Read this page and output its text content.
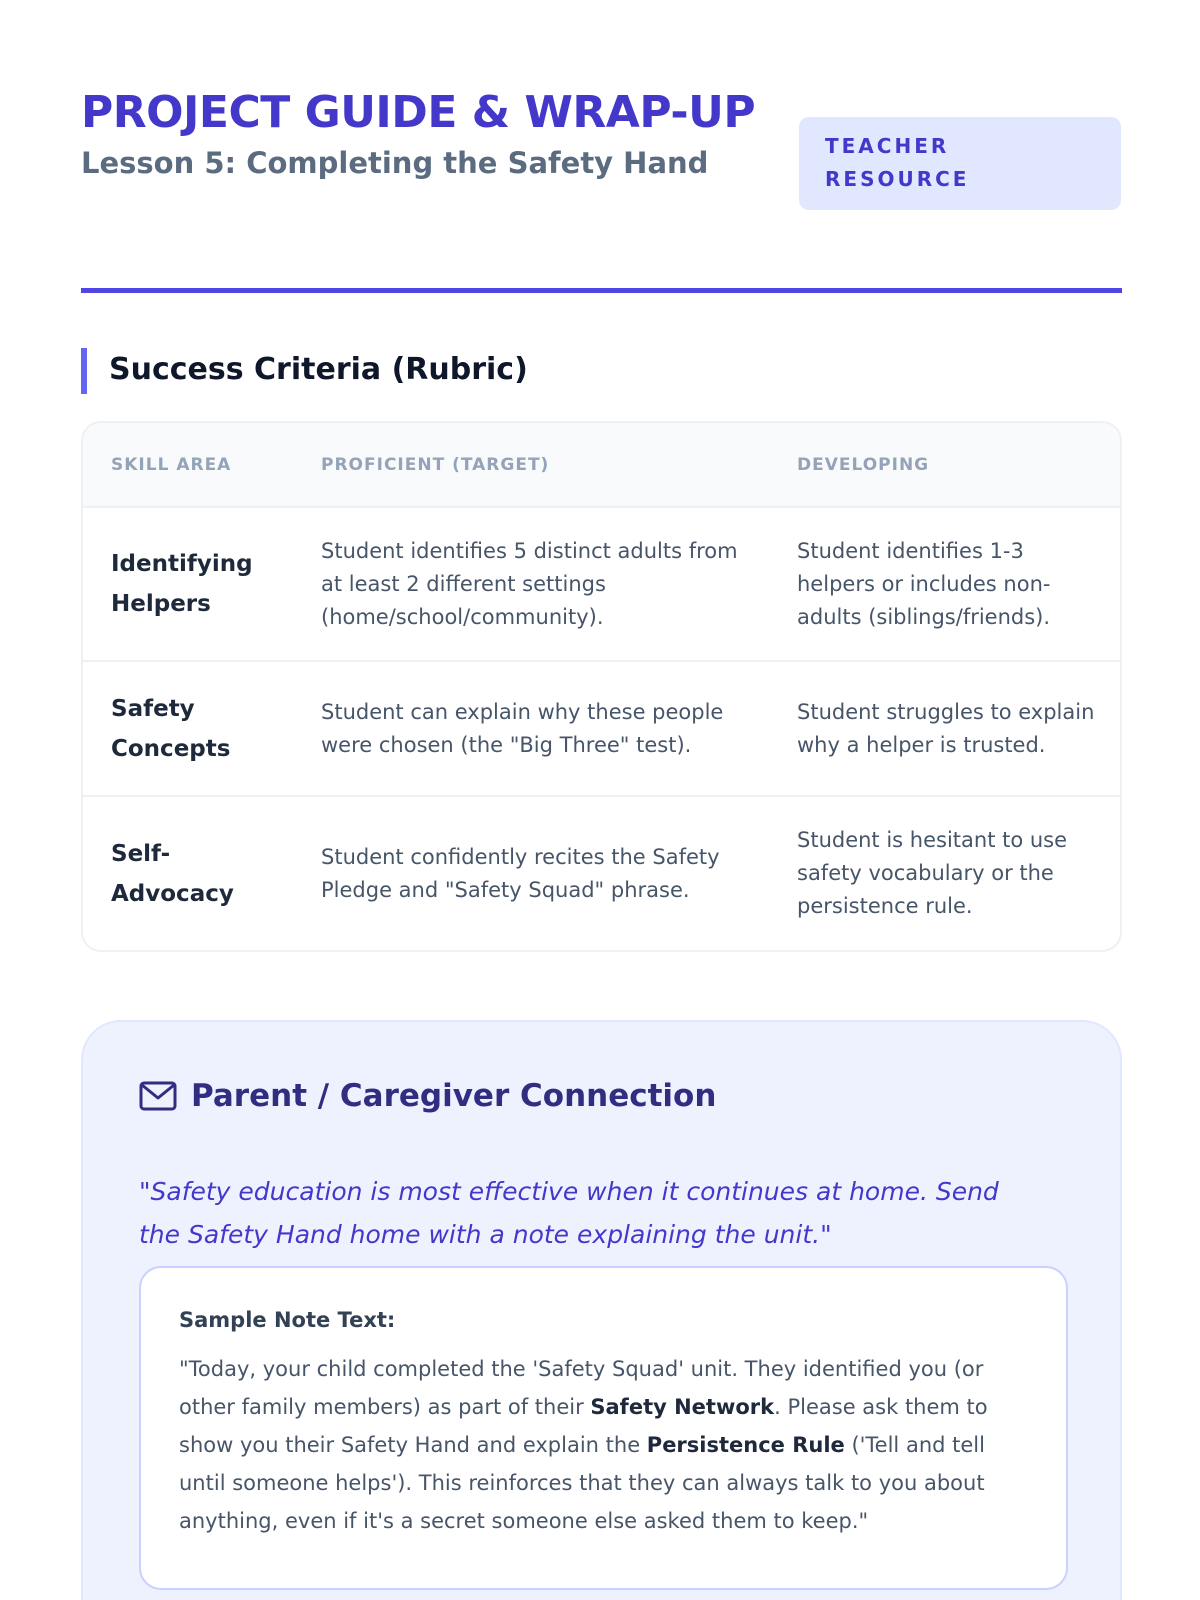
PROJECT GUIDE & WRAP-UP
Lesson 5: Completing the Safety Hand	TEACHER RESOURCE
Success Criteria (Rubric)
SKILL AREA	PROFICIENT (TARGET)	DEVELOPING
Identifying Helpers	Student identifies 5 distinct adults from at least 2 different settings (home/school/community).	Student identifies 1-3 helpers or includes non-adults (siblings/friends).
Safety Concepts	Student can explain why these people were chosen (the "Big Three" test).	Student struggles to explain why a helper is trusted.
Self-Advocacy	Student confidently recites the Safety Pledge and "Safety Squad" phrase.	Student is hesitant to use safety vocabulary or the persistence rule.
Parent / Caregiver Connection
"Safety education is most effective when it continues at home. Send the Safety Hand home with a note explaining the unit."
Sample Note Text:
"Today, your child completed the 'Safety Squad' unit. They identified you (or other family members) as part of their Safety Network. Please ask them to show you their Safety Hand and explain the Persistence Rule ('Tell and tell until someone helps'). This reinforces that they can always talk to you about anything, even if it's a secret someone else asked them to keep."
